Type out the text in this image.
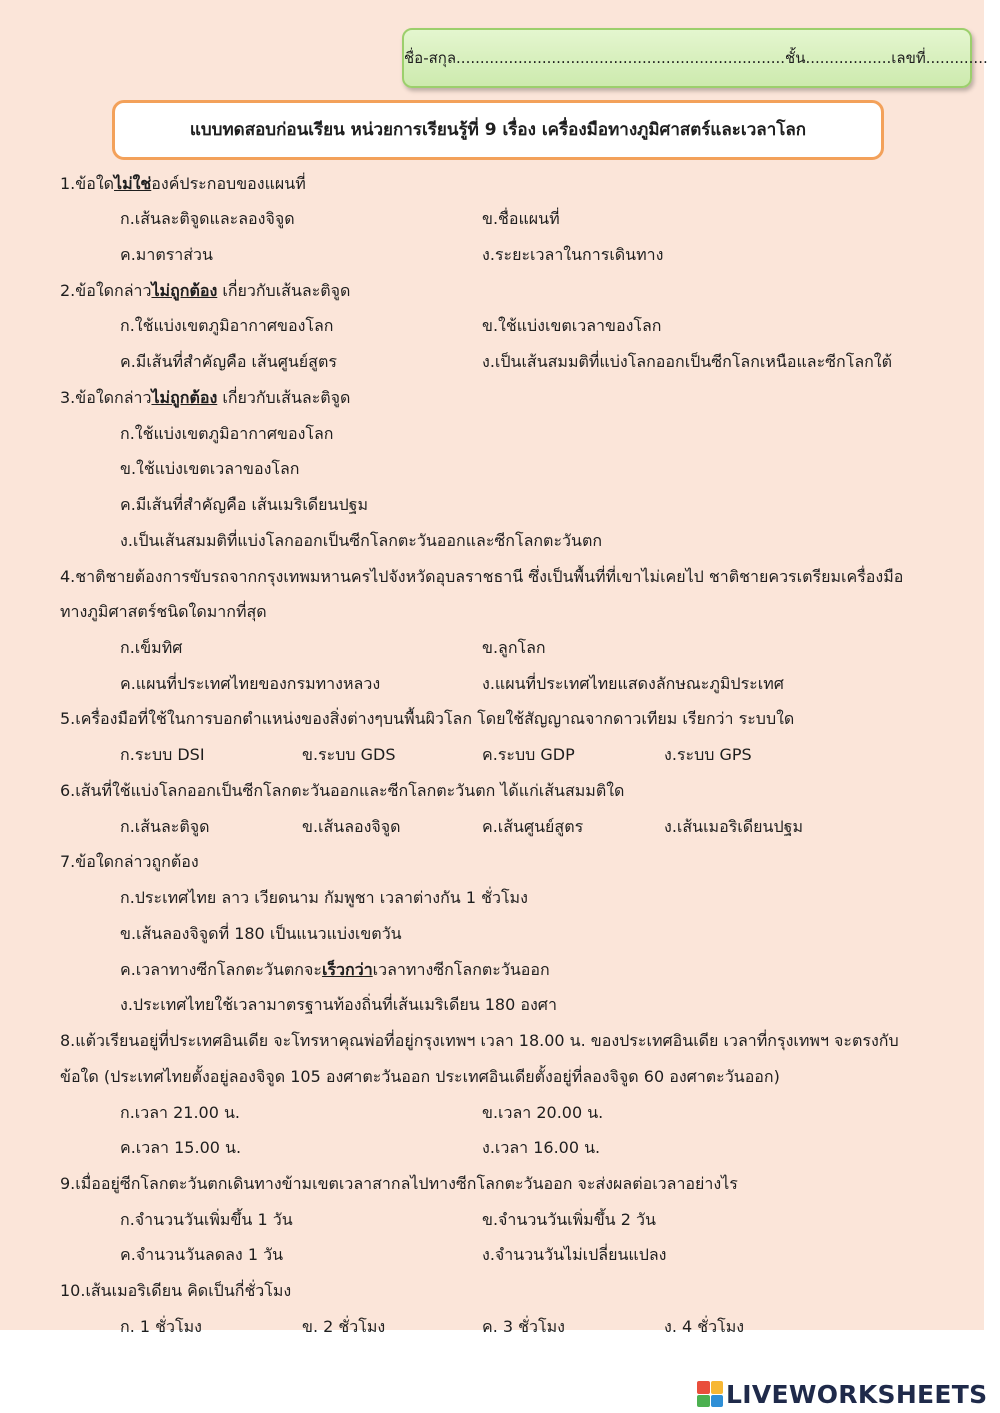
ชื่อ-สกุล.....................................................................ชั้น..................เลขที่.............
แบบทดสอบก่อนเรียน หน่วยการเรียนรู้ที่ 9 เรื่อง เครื่องมือทางภูมิศาสตร์และเวลาโลก
1.ข้อใดไม่ใช่องค์ประกอบของแผนที่
ก.เส้นละติจูดและลองจิจูด	ข.ชื่อแผนที่
ค.มาตราส่วน	ง.ระยะเวลาในการเดินทาง
2.ข้อใดกล่าวไม่ถูกต้อง เกี่ยวกับเส้นละติจูด
ก.ใช้แบ่งเขตภูมิอากาศของโลก	ข.ใช้แบ่งเขตเวลาของโลก
ค.มีเส้นที่สำคัญคือ เส้นศูนย์สูตร	ง.เป็นเส้นสมมติที่แบ่งโลกออกเป็นซีกโลกเหนือและซีกโลกใต้
3.ข้อใดกล่าวไม่ถูกต้อง เกี่ยวกับเส้นละติจูด
ก.ใช้แบ่งเขตภูมิอากาศของโลก
ข.ใช้แบ่งเขตเวลาของโลก
ค.มีเส้นที่สำคัญคือ เส้นเมริเดียนปฐม
ง.เป็นเส้นสมมติที่แบ่งโลกออกเป็นซีกโลกตะวันออกและซีกโลกตะวันตก
4.ชาติชายต้องการขับรถจากกรุงเทพมหานครไปจังหวัดอุบลราชธานี ซึ่งเป็นพื้นที่ที่เขาไม่เคยไป ชาติชายควรเตรียมเครื่องมือ
ทางภูมิศาสตร์ชนิดใดมากที่สุด
ก.เข็มทิศ	ข.ลูกโลก
ค.แผนที่ประเทศไทยของกรมทางหลวง	ง.แผนที่ประเทศไทยแสดงลักษณะภูมิประเทศ
5.เครื่องมือที่ใช้ในการบอกตำแหน่งของสิ่งต่างๆบนพื้นผิวโลก โดยใช้สัญญาณจากดาวเทียม เรียกว่า ระบบใด
ก.ระบบ DSI	ข.ระบบ GDS	ค.ระบบ GDP	ง.ระบบ GPS
6.เส้นที่ใช้แบ่งโลกออกเป็นซีกโลกตะวันออกและซีกโลกตะวันตก ได้แก่เส้นสมมติใด
ก.เส้นละติจูด	ข.เส้นลองจิจูด	ค.เส้นศูนย์สูตร	ง.เส้นเมอริเดียนปฐม
7.ข้อใดกล่าวถูกต้อง
ก.ประเทศไทย ลาว เวียดนาม กัมพูชา เวลาต่างกัน 1 ชั่วโมง
ข.เส้นลองจิจูดที่ 180 เป็นแนวแบ่งเขตวัน
ค.เวลาทางซีกโลกตะวันตกจะเร็วกว่าเวลาทางซีกโลกตะวันออก
ง.ประเทศไทยใช้เวลามาตรฐานท้องถิ่นที่เส้นเมริเดียน 180 องศา
8.แต้วเรียนอยู่ที่ประเทศอินเดีย จะโทรหาคุณพ่อที่อยู่กรุงเทพฯ เวลา 18.00 น. ของประเทศอินเดีย เวลาที่กรุงเทพฯ จะตรงกับ
ข้อใด (ประเทศไทยตั้งอยู่ลองจิจูด 105 องศาตะวันออก ประเทศอินเดียตั้งอยู่ที่ลองจิจูด 60 องศาตะวันออก)
ก.เวลา 21.00 น.	ข.เวลา 20.00 น.
ค.เวลา 15.00 น.	ง.เวลา 16.00 น.
9.เมื่ออยู่ซีกโลกตะวันตกเดินทางข้ามเขตเวลาสากลไปทางซีกโลกตะวันออก จะส่งผลต่อเวลาอย่างไร
ก.จำนวนวันเพิ่มขึ้น 1 วัน	ข.จำนวนวันเพิ่มขึ้น 2 วัน
ค.จำนวนวันลดลง 1 วัน	ง.จำนวนวันไม่เปลี่ยนแปลง
10.เส้นเมอริเดียน คิดเป็นกี่ชั่วโมง
ก. 1 ชั่วโมง	ข. 2 ชั่วโมง	ค. 3 ชั่วโมง	ง. 4 ชั่วโมง
LIVEWORKSHEETS
